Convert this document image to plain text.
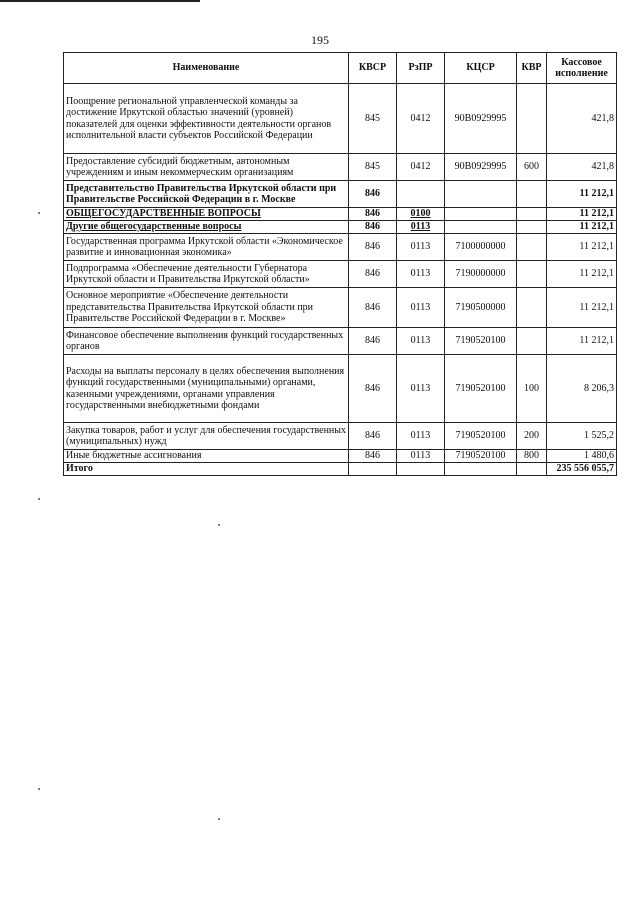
195
Наименование	КВСР	РзПР	КЦСР	КВР	Кассовое исполнение
Поощрение региональной управленческой команды за достижение Иркутской областью значений (уровней) показателей для оценки эффективности деятельности органов исполнительной власти субъектов Российской Федерации	845	0412	90В0929995		421,8
Предоставление субсидий бюджетным, автономным учреждениям и иным некоммерческим организациям	845	0412	90В0929995	600	421,8
Представительство Правительства Иркутской области при Правительстве Российской Федерации в г. Москве	846				11 212,1
ОБЩЕГОСУДАРСТВЕННЫЕ ВОПРОСЫ	846	0100			11 212,1
Другие общегосударственные вопросы	846	0113			11 212,1
Государственная программа Иркутской области «Экономическое развитие и инновационная экономика»	846	0113	7100000000		11 212,1
Подпрограмма «Обеспечение деятельности Губернатора Иркутской области и Правительства Иркутской области»	846	0113	7190000000		11 212,1
Основное мероприятие «Обеспечение деятельности представительства Правительства Иркутской области при Правительстве Российской Федерации в г. Москве»	846	0113	7190500000		11 212,1
Финансовое обеспечение выполнения функций государственных органов	846	0113	7190520100		11 212,1
Расходы на выплаты персоналу в целях обеспечения выполнения функций государственными (муниципальными) органами, казенными учреждениями, органами управления государственными внебюджетными фондами	846	0113	7190520100	100	8 206,3
Закупка товаров, работ и услуг для обеспечения государственных (муниципальных) нужд	846	0113	7190520100	200	1 525,2
Иные бюджетные ассигнования	846	0113	7190520100	800	1 480,6
Итого					235 556 055,7
